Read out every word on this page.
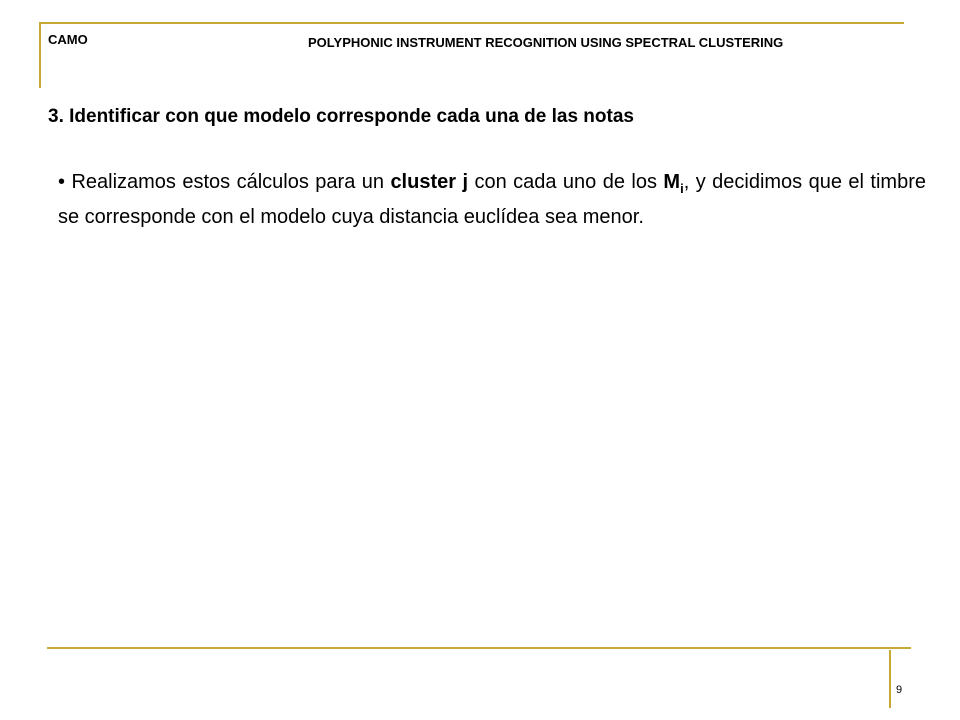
CAMO	POLYPHONIC INSTRUMENT RECOGNITION USING SPECTRAL CLUSTERING
3. Identificar con que modelo corresponde cada una de las notas
• Realizamos estos cálculos para un cluster j con cada uno de los $M_i$, y decidimos que el timbre se corresponde con el modelo cuya distancia euclídea sea menor.
9
